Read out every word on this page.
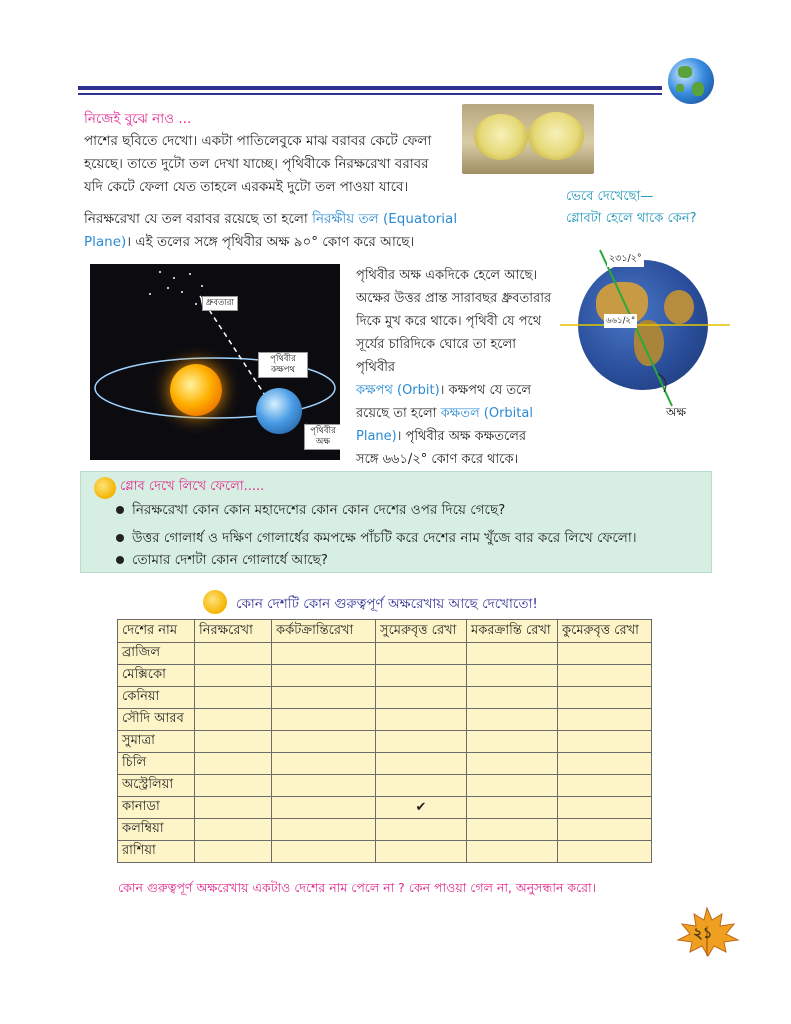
নিজেই বুঝে নাও ...
পাশের ছবিতে দেখো। একটা পাতিলেবুকে মাঝ বরাবর কেটে ফেলা
হয়েছে। তাতে দুটো তল দেখা যাচ্ছে। পৃথিবীকে নিরক্ষরেখা বরাবর
যদি কেটে ফেলা যেত তাহলে এরকমই দুটো তল পাওয়া যাবে।
ভেবে দেখেছো—
গ্লোবটা হেলে থাকে কেন?
নিরক্ষরেখা যে তল বরাবর রয়েছে তা হলো নিরক্ষীয় তল (Equatorial
Plane)। এই তলের সঙ্গে পৃথিবীর অক্ষ ৯০° কোণ করে আছে।
ধ্রুবতারা
পৃথিবীর কক্ষপথ
পৃথিবীর অক্ষ
পৃথিবীর অক্ষ একদিকে হেলে আছে।
অক্ষের উত্তর প্রান্ত সারাবছর ধ্রুবতারার
দিকে মুখ করে থাকে। পৃথিবী যে পথে
সূর্যের চারিদিকে ঘোরে তা হলো পৃথিবীর
কক্ষপথ (Orbit)। কক্ষপথ যে তলে
রয়েছে তা হলো কক্ষতল (Orbital
Plane)। পৃথিবীর অক্ষ কক্ষতলের
সঙ্গে ৬৬১/২° কোণ করে থাকে।
২৩১/২°
৬৬১/২°
অক্ষ
গ্লোব দেখে লিখে ফেলো.....
নিরক্ষরেখা কোন কোন মহাদেশের কোন কোন দেশের ওপর দিয়ে গেছে?
উত্তর গোলার্ধ ও দক্ষিণ গোলার্ধের কমপক্ষে পাঁচটি করে দেশের নাম খুঁজে বার করে লিখে ফেলো।
তোমার দেশটা কোন গোলার্ধে আছে?
কোন দেশটি কোন গুরুত্বপূর্ণ অক্ষরেখায় আছে দেখোতো!
দেশের নাম	নিরক্ষরেখা	কর্কটক্রান্তিরেখা	সুমেরুবৃত্ত রেখা	মকরক্রান্তি রেখা	কুমেরুবৃত্ত রেখা
ব্রাজিল					
মেক্সিকো					
কেনিয়া					
সৌদি আরব					
সুমাত্রা					
চিলি					
অস্ট্রেলিয়া					
কানাডা			✔		
কলম্বিয়া					
রাশিয়া					
কোন গুরুত্বপূর্ণ অক্ষরেখায় একটাও দেশের নাম পেলে না ? কেন পাওয়া গেল না, অনুসন্ধান করো।
২১
